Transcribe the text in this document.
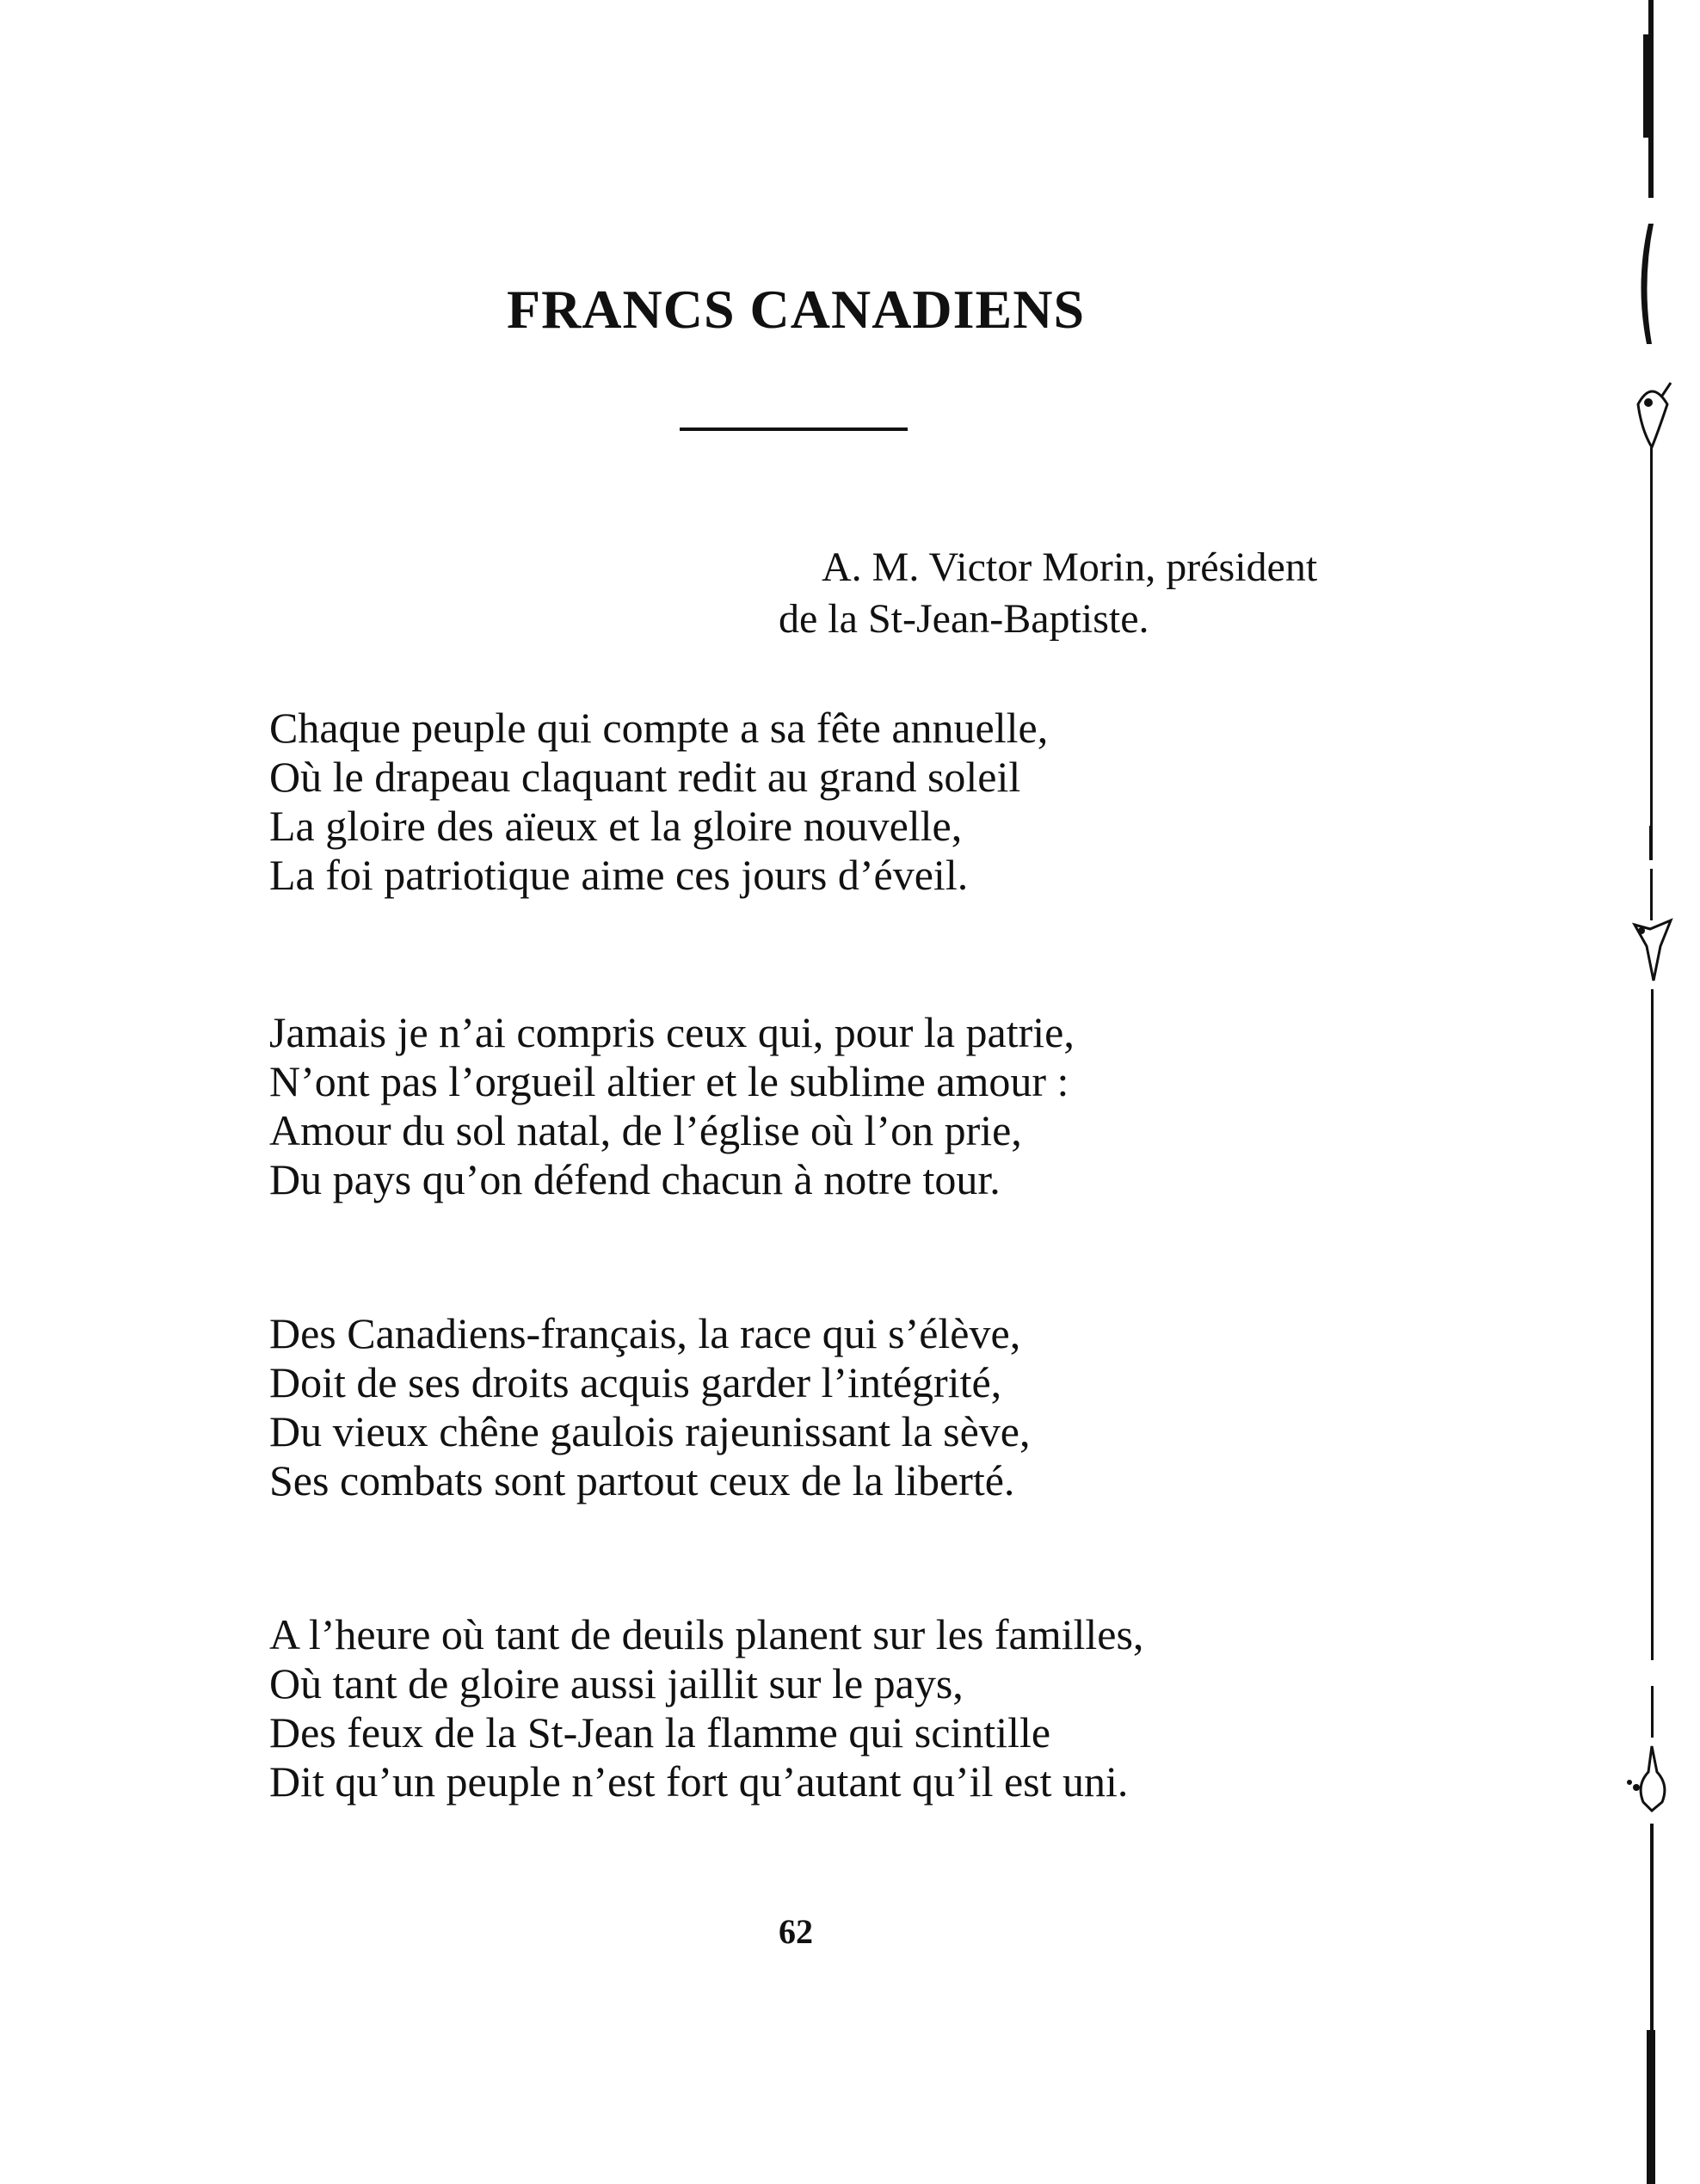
FRANCS CANADIENS
A. M. Victor Morin, président
de la St-Jean-Baptiste.
Chaque peuple qui compte a sa fête annuelle,
Où le drapeau claquant redit au grand soleil
La gloire des aïeux et la gloire nouvelle,
La foi patriotique aime ces jours d’éveil.
Jamais je n’ai compris ceux qui, pour la patrie,
N’ont pas l’orgueil altier et le sublime amour :
Amour du sol natal, de l’église où l’on prie,
Du pays qu’on défend chacun à notre tour.
Des Canadiens-français, la race qui s’élève,
Doit de ses droits acquis garder l’intégrité,
Du vieux chêne gaulois rajeunissant la sève,
Ses combats sont partout ceux de la liberté.
A l’heure où tant de deuils planent sur les familles,
Où tant de gloire aussi jaillit sur le pays,
Des feux de la St-Jean la flamme qui scintille
Dit qu’un peuple n’est fort qu’autant qu’il est uni.
62
